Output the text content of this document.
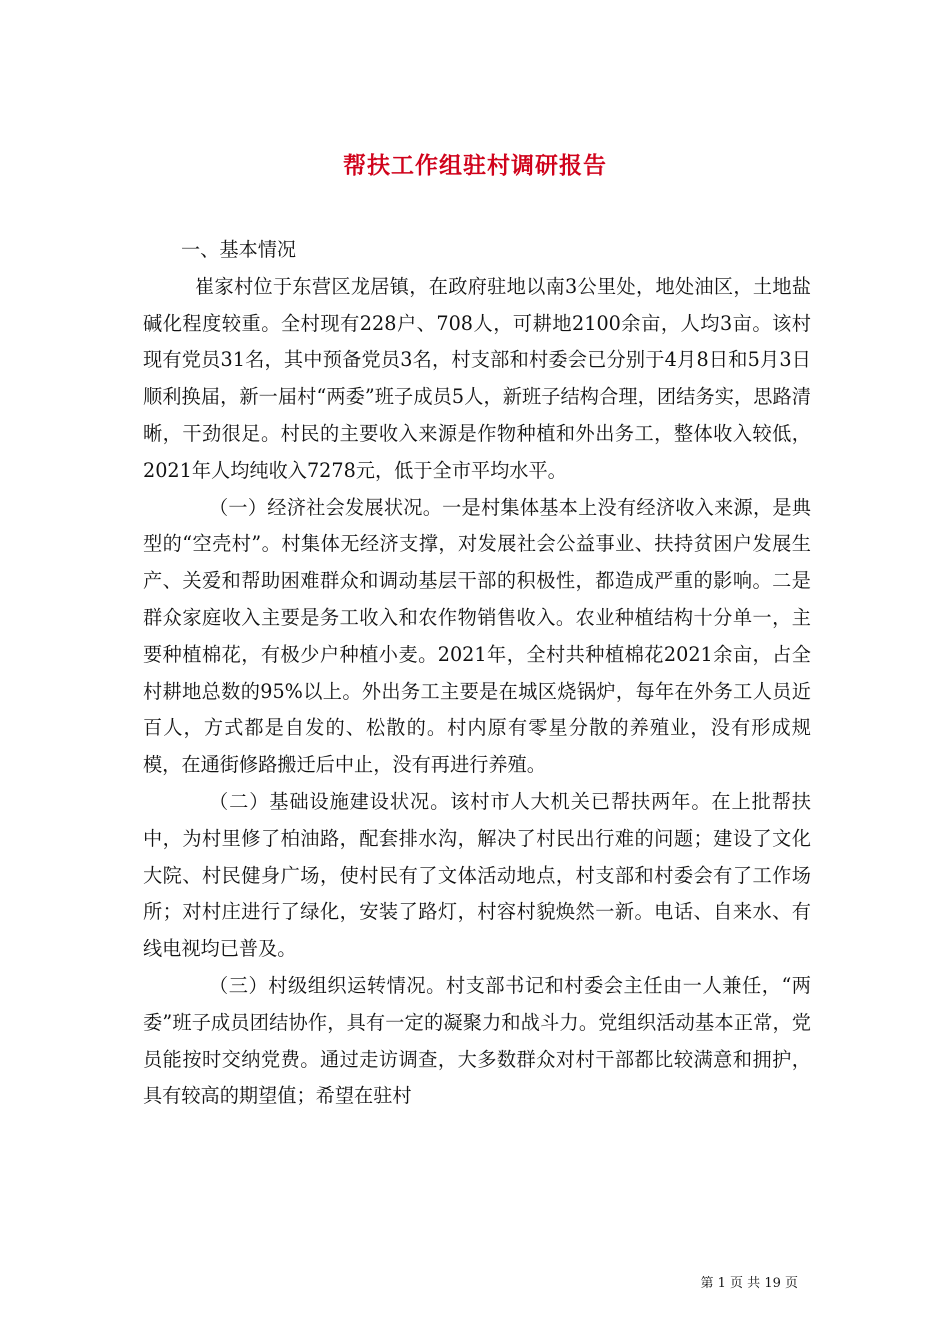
帮扶工作组驻村调研报告

一、基本情况

崔家村位于东营区龙居镇，在政府驻地以南3公里处，地处油区，土地盐碱化程度较重。全村现有228户、708人，可耕地2100余亩，人均3亩。该村现有党员31名，其中预备党员3名，村支部和村委会已分别于4月8日和5月3日顺利换届，新一届村“两委”班子成员5人，新班子结构合理，团结务实，思路清晰，干劲很足。村民的主要收入来源是作物种植和外出务工，整体收入较低，2021年人均纯收入7278元，低于全市平均水平。

（一）经济社会发展状况。一是村集体基本上没有经济收入来源，是典型的“空壳村”。村集体无经济支撑，对发展社会公益事业、扶持贫困户发展生产、关爱和帮助困难群众和调动基层干部的积极性，都造成严重的影响。二是群众家庭收入主要是务工收入和农作物销售收入。农业种植结构十分单一，主要种植棉花，有极少户种植小麦。2021年，全村共种植棉花2021余亩，占全村耕地总数的95%以上。外出务工主要是在城区烧锅炉，每年在外务工人员近百人，方式都是自发的、松散的。村内原有零星分散的养殖业，没有形成规模，在通街修路搬迁后中止，没有再进行养殖。

（二）基础设施建设状况。该村市人大机关已帮扶两年。在上批帮扶中，为村里修了柏油路，配套排水沟，解决了村民出行难的问题；建设了文化大院、村民健身广场，使村民有了文体活动地点，村支部和村委会有了工作场所；对村庄进行了绿化，安装了路灯，村容村貌焕然一新。电话、自来水、有线电视均已普及。

（三）村级组织运转情况。村支部书记和村委会主任由一人兼任，“两委”班子成员团结协作，具有一定的凝聚力和战斗力。党组织活动基本正常，党员能按时交纳党费。通过走访调查，大多数群众对村干部都比较满意和拥护，具有较高的期望值；希望在驻村

第 1 页 共 19 页
